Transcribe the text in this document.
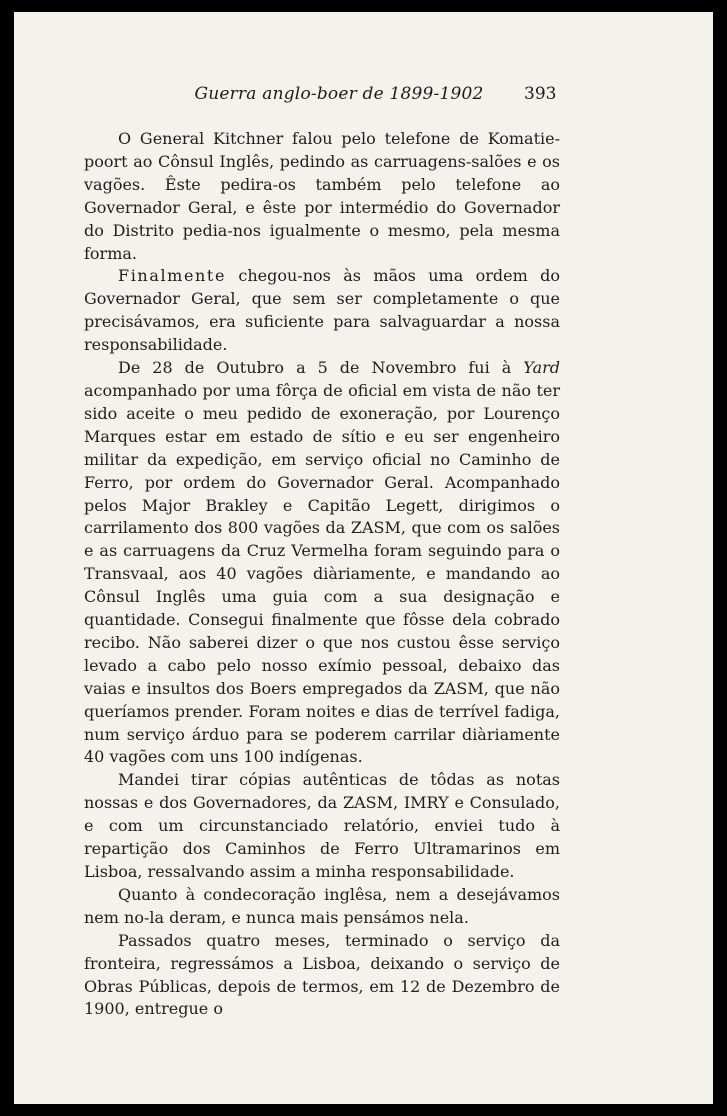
Guerra anglo-boer de 1899-1902	393

O General Kitchner falou pelo telefone de Komatie-poort ao Cônsul Inglês, pedindo as carruagens-salões e os vagões. Êste pedira-os também pelo telefone ao Governador Geral, e êste por intermédio do Governador do Distrito pedia-nos igualmente o mesmo, pela mesma forma.

Finalmente chegou-nos às mãos uma ordem do Governador Geral, que sem ser completamente o que precisávamos, era suficiente para salvaguardar a nossa responsabilidade.

De 28 de Outubro a 5 de Novembro fui à Yard acompanhado por uma fôrça de oficial em vista de não ter sido aceite o meu pedido de exoneração, por Lourenço Marques estar em estado de sítio e eu ser engenheiro militar da expedição, em serviço oficial no Caminho de Ferro, por ordem do Governador Geral. Acompanhado pelos Major Brakley e Capitão Legett, dirigimos o carrilamento dos 800 vagões da ZASM, que com os salões e as carruagens da Cruz Vermelha foram seguindo para o Transvaal, aos 40 vagões diàriamente, e mandando ao Cônsul Inglês uma guia com a sua designação e quantidade. Consegui finalmente que fôsse dela cobrado recibo. Não saberei dizer o que nos custou êsse serviço levado a cabo pelo nosso exímio pessoal, debaixo das vaias e insultos dos Boers empregados da ZASM, que não queríamos prender. Foram noites e dias de terrível fadiga, num serviço árduo para se poderem carrilar diàriamente 40 vagões com uns 100 indígenas.

Mandei tirar cópias autênticas de tôdas as notas nossas e dos Governadores, da ZASM, IMRY e Consulado, e com um circunstanciado relatório, enviei tudo à repartição dos Caminhos de Ferro Ultramarinos em Lisboa, ressalvando assim a minha responsabilidade.

Quanto à condecoração inglêsa, nem a desejávamos nem no-la deram, e nunca mais pensámos nela.

Passados quatro meses, terminado o serviço da fronteira, regressámos a Lisboa, deixando o serviço de Obras Públicas, depois de termos, em 12 de Dezembro de 1900, entregue o
